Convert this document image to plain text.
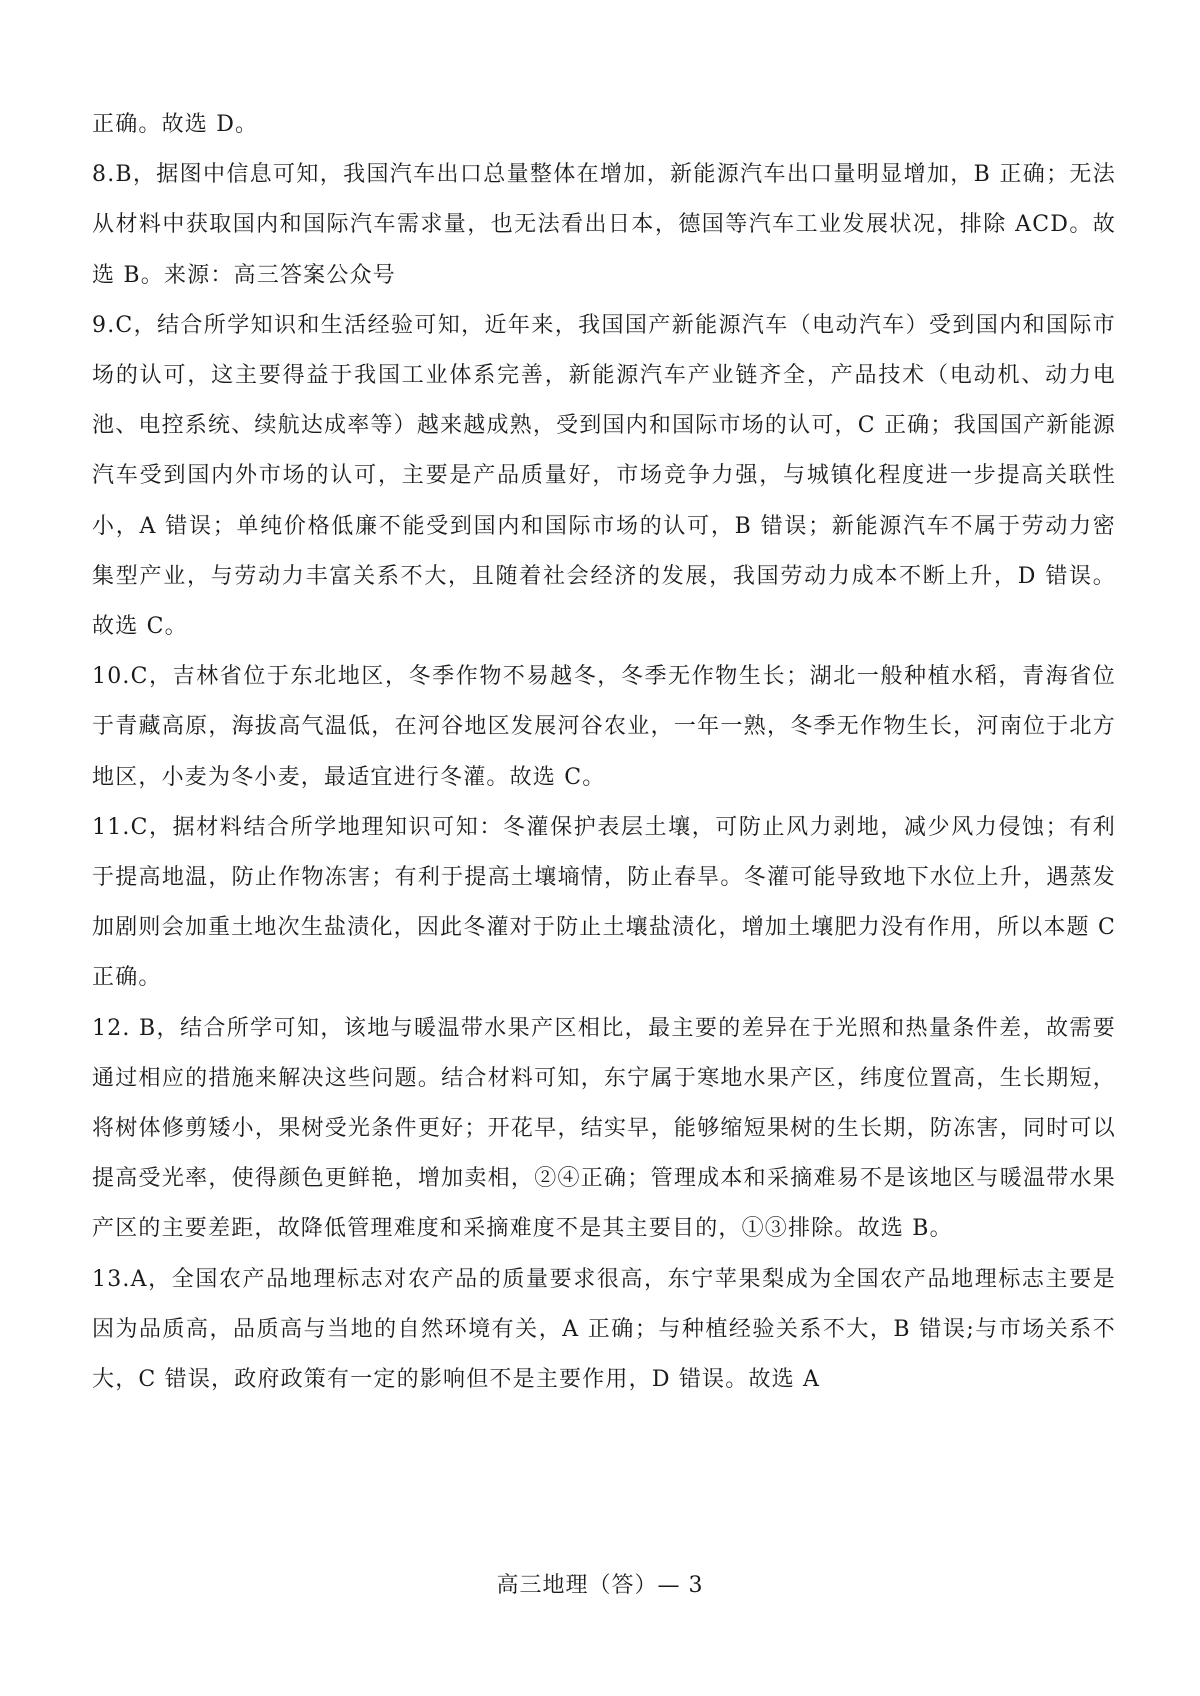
正确。故选 D。

8.B，据图中信息可知，我国汽车出口总量整体在增加，新能源汽车出口量明显增加，B 正确；无法从材料中获取国内和国际汽车需求量，也无法看出日本，德国等汽车工业发展状况，排除 ACD。故选 B。来源：高三答案公众号

9.C，结合所学知识和生活经验可知，近年来，我国国产新能源汽车（电动汽车）受到国内和国际市场的认可，这主要得益于我国工业体系完善，新能源汽车产业链齐全，产品技术（电动机、动力电池、电控系统、续航达成率等）越来越成熟，受到国内和国际市场的认可，C 正确；我国国产新能源汽车受到国内外市场的认可，主要是产品质量好，市场竞争力强，与城镇化程度进一步提高关联性小，A 错误；单纯价格低廉不能受到国内和国际市场的认可，B 错误；新能源汽车不属于劳动力密集型产业，与劳动力丰富关系不大，且随着社会经济的发展，我国劳动力成本不断上升，D 错误。故选 C。

10.C，吉林省位于东北地区，冬季作物不易越冬，冬季无作物生长；湖北一般种植水稻，青海省位于青藏高原，海拔高气温低，在河谷地区发展河谷农业，一年一熟，冬季无作物生长，河南位于北方地区，小麦为冬小麦，最适宜进行冬灌。故选 C。

11.C，据材料结合所学地理知识可知：冬灌保护表层土壤，可防止风力剥地，减少风力侵蚀；有利于提高地温，防止作物冻害；有利于提高土壤墒情，防止春旱。冬灌可能导致地下水位上升，遇蒸发加剧则会加重土地次生盐渍化，因此冬灌对于防止土壤盐渍化，增加土壤肥力没有作用，所以本题 C 正确。

12. B，结合所学可知，该地与暖温带水果产区相比，最主要的差异在于光照和热量条件差，故需要通过相应的措施来解决这些问题。结合材料可知，东宁属于寒地水果产区，纬度位置高，生长期短，将树体修剪矮小，果树受光条件更好；开花早，结实早，能够缩短果树的生长期，防冻害，同时可以提高受光率，使得颜色更鲜艳，增加卖相，②④正确；管理成本和采摘难易不是该地区与暖温带水果产区的主要差距，故降低管理难度和采摘难度不是其主要目的，①③排除。故选 B。

13.A，全国农产品地理标志对农产品的质量要求很高，东宁苹果梨成为全国农产品地理标志主要是因为品质高，品质高与当地的自然环境有关，A 正确；与种植经验关系不大，B 错误;与市场关系不大，C 错误，政府政策有一定的影响但不是主要作用，D 错误。故选 A

高三地理（答）— 3
